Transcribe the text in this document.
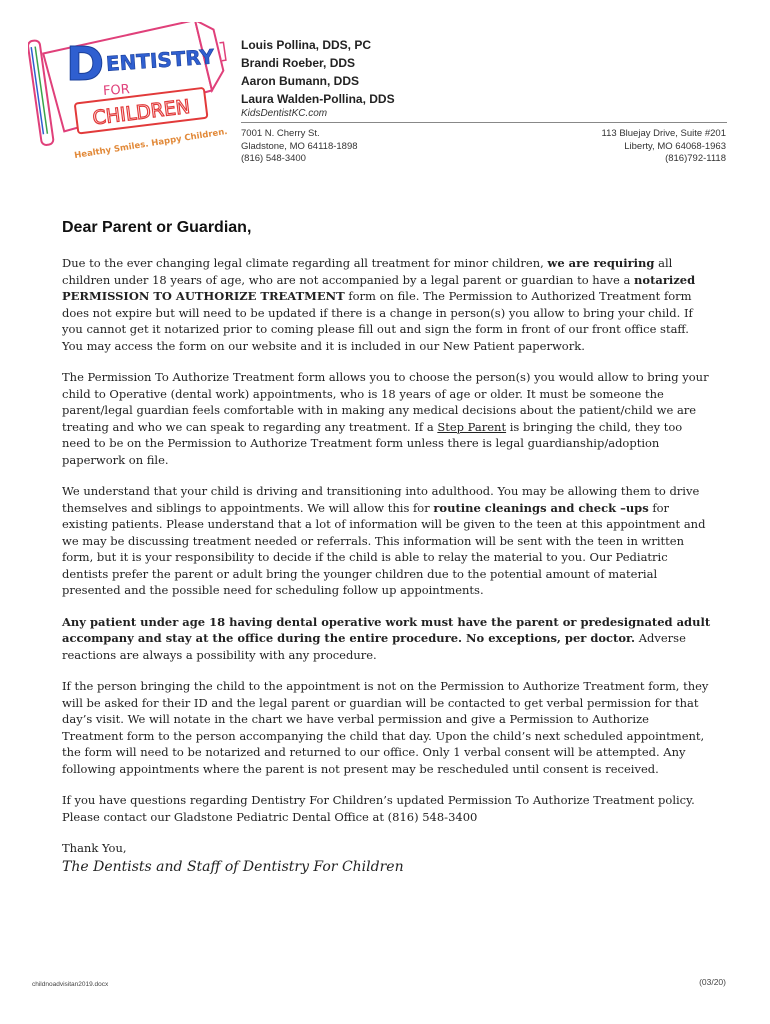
D ENTISTRY
FOR
CHILDREN
Healthy Smiles. Happy Children.
Louis Pollina, DDS, PC
Brandi Roeber, DDS
Aaron Bumann, DDS
Laura Walden-Pollina, DDS
KidsDentistKC.com
7001 N. Cherry St.
Gladstone, MO 64118-1898
(816) 548-3400
113 Bluejay Drive, Suite #201
Liberty, MO 64068-1963
(816)792-1118
Dear Parent or Guardian,

Due to the ever changing legal climate regarding all treatment for minor children, we are requiring all children under 18 years of age, who are not accompanied by a legal parent or guardian to have a notarized PERMISSION TO AUTHORIZE TREATMENT form on file. The Permission to Authorized Treatment form does not expire but will need to be updated if there is a change in person(s) you allow to bring your child. If you cannot get it notarized prior to coming please fill out and sign the form in front of our front office staff. You may access the form on our website and it is included in our New Patient paperwork.

The Permission To Authorize Treatment form allows you to choose the person(s) you would allow to bring your child to Operative (dental work) appointments, who is 18 years of age or older. It must be someone the parent/legal guardian feels comfortable with in making any medical decisions about the patient/child we are treating and who we can speak to regarding any treatment. If a Step Parent is bringing the child, they too need to be on the Permission to Authorize Treatment form unless there is legal guardianship/adoption paperwork on file.

We understand that your child is driving and transitioning into adulthood. You may be allowing them to drive themselves and siblings to appointments. We will allow this for routine cleanings and check –ups for existing patients. Please understand that a lot of information will be given to the teen at this appointment and we may be discussing treatment needed or referrals. This information will be sent with the teen in written form, but it is your responsibility to decide if the child is able to relay the material to you. Our Pediatric dentists prefer the parent or adult bring the younger children due to the potential amount of material presented and the possible need for scheduling follow up appointments.

Any patient under age 18 having dental operative work must have the parent or predesignated adult accompany and stay at the office during the entire procedure. No exceptions, per doctor. Adverse reactions are always a possibility with any procedure.

If the person bringing the child to the appointment is not on the Permission to Authorize Treatment form, they will be asked for their ID and the legal parent or guardian will be contacted to get verbal permission for that day’s visit. We will notate in the chart we have verbal permission and give a Permission to Authorize Treatment form to the person accompanying the child that day. Upon the child’s next scheduled appointment, the form will need to be notarized and returned to our office. Only 1 verbal consent will be attempted. Any following appointments where the parent is not present may be rescheduled until consent is received.

If you have questions regarding Dentistry For Children’s updated Permission To Authorize Treatment policy. Please contact our Gladstone Pediatric Dental Office at (816) 548-3400

Thank You,

The Dentists and Staff of Dentistry For Children
childnoadvisitan2019.docx	(03/20)
